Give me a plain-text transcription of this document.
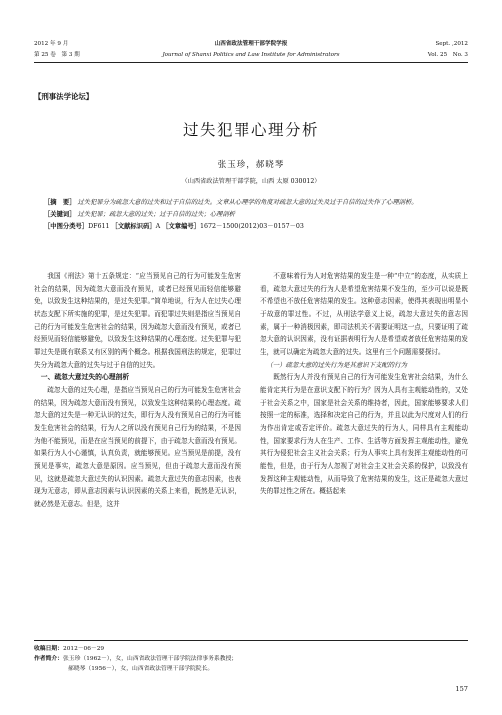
2012 年 9 月
第 25 卷　第 3 期
山西省政法管理干部学院学报
Journal of Shanxi Politics and Law Institute for Administrators
Sept. ,2012
Vol. 25　No. 3
【刑事法学论坛】
过失犯罪心理分析
张玉珍，郝晓琴
（山西省政法管理干部学院，山西 太原 030012）
［摘　要］ 过失犯罪分为疏忽大意的过失和过于自信的过失。文章从心理学的角度对疏忽大意的过失及过于自信的过失作了心理剖析。
［关键词］ 过失犯罪；疏忽大意的过失；过于自信的过失；心理剖析
［中图分类号］DF611 ［文献标识码］A ［文章编号］1672－1500(2012)03－0157－03

我国《刑法》第十五条规定：“应当预见自己的行为可能发生危害社会的结果，因为疏忽大意而没有预见，或者已经预见而轻信能够避免，以致发生这种结果的，是过失犯罪。”简单地说，行为人在过失心理状态支配下所实施的犯罪，是过失犯罪。而犯罪过失则是指应当预见自己的行为可能发生危害社会的结果，因为疏忽大意而没有预见，或者已经预见而轻信能够避免，以致发生这种结果的心理态度。过失犯罪与犯罪过失是既有联系又有区别的两个概念。根据我国刑法的规定，犯罪过失分为疏忽大意的过失与过于自信的过失。

一、疏忽大意过失的心理剖析

疏忽大意的过失心理，是指应当预见自己的行为可能发生危害社会的结果，因为疏忽大意而没有预见，以致发生这种结果的心理态度。疏忽大意的过失是一种无认识的过失，即行为人没有预见自己的行为可能发生危害社会的结果，行为人之所以没有预见自己行为的结果，不是因为他不能预见，而是在应当预见的前提下，由于疏忽大意而没有预见。如果行为人小心谨慎，认真负责，就能够预见。应当预见是前提，没有预见是事实，疏忽大意是原因。应当预见，但由于疏忽大意而没有预见，这就是疏忽大意过失的认识因素。疏忽大意过失的意志因素，也表现为无意志，即从意志因素与认识因素的关系上来看，既然是无认识，就必然是无意志。但是，这并

不意味着行为人对危害结果的发生是一种“中立”的态度，从实质上看，疏忽大意过失的行为人是希望危害结果不发生的，至少可以说是既不希望也不放任危害结果的发生。这种意志因素，使得其表现出明显小于故意的罪过性。不过，从刑法学意义上说，疏忽大意过失的意志因素，属于一种消极因素，即司法机关不需要证明这一点，只要证明了疏忽大意的认识因素，没有证据表明行为人是希望或者放任危害结果的发生，就可以确定为疏忽大意的过失。这里有三个问题需要探讨。

（一）疏忽大意的过失行为是其意识下支配的行为

既然行为人并没有预见自己的行为可能发生危害社会结果，为什么能肯定其行为是在意识支配下的行为？因为人具有主观能动性的，又处于社会关系之中，国家是社会关系的维持者，因此，国家能够要求人们按照一定的标准，选择和决定自己的行为，并且以此为尺度对人们的行为作出肯定或否定评价。疏忽大意过失的行为人，同样具有主观能动性，国家要求行为人在生产、工作、生活等方面发挥主观能动性，避免其行为侵犯社会主义社会关系；行为人事实上具有发挥主观能动性的可能性，但是，由于行为人忽视了对社会主义社会关系的保护，以致没有发挥这种主观能动性，从而导致了危害结果的发生，这正是疏忽大意过失的罪过性之所在。概括起来

收稿日期：2012－06－29
作者简介：张玉珍（1962－），女，山西省政法管理干部学院法律事务系教授；
郝晓琴（1956－），女，山西省政法管理干部学院院长。
157
